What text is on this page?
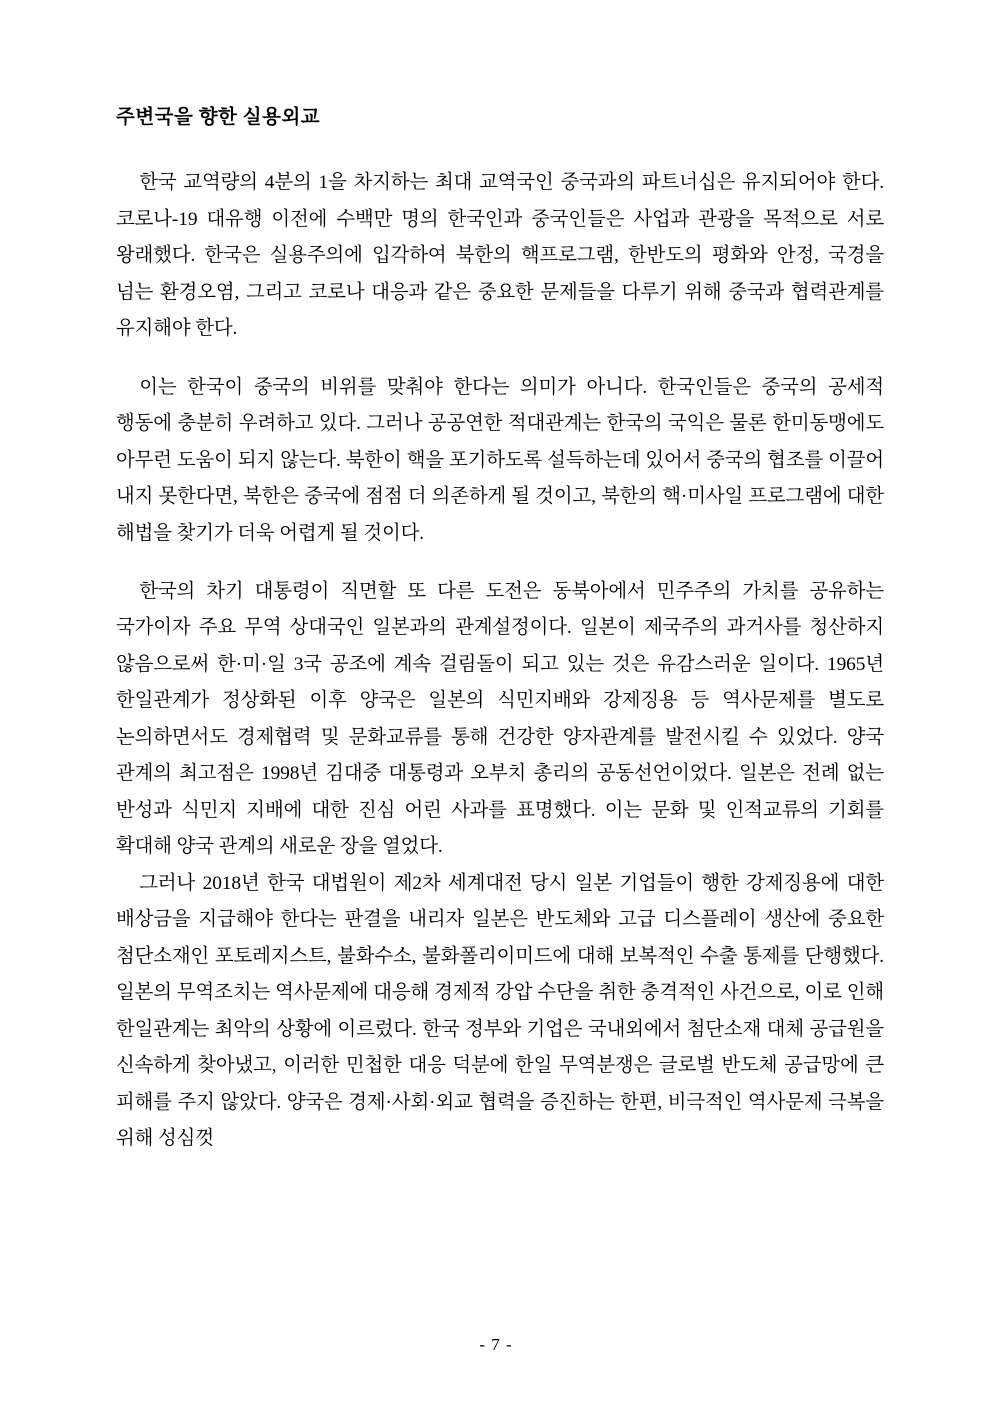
주변국을 향한 실용외교

한국 교역량의 4분의 1을 차지하는 최대 교역국인 중국과의 파트너십은 유지되어야 한다. 코로나-19 대유행 이전에 수백만 명의 한국인과 중국인들은 사업과 관광을 목적으로 서로 왕래했다. 한국은 실용주의에 입각하여 북한의 핵프로그램, 한반도의 평화와 안정, 국경을 넘는 환경오염, 그리고 코로나 대응과 같은 중요한 문제들을 다루기 위해 중국과 협력관계를 유지해야 한다.

이는 한국이 중국의 비위를 맞춰야 한다는 의미가 아니다. 한국인들은 중국의 공세적 행동에 충분히 우려하고 있다. 그러나 공공연한 적대관계는 한국의 국익은 물론 한미동맹에도 아무런 도움이 되지 않는다. 북한이 핵을 포기하도록 설득하는데 있어서 중국의 협조를 이끌어 내지 못한다면, 북한은 중국에 점점 더 의존하게 될 것이고, 북한의 핵·미사일 프로그램에 대한 해법을 찾기가 더욱 어렵게 될 것이다.

한국의 차기 대통령이 직면할 또 다른 도전은 동북아에서 민주주의 가치를 공유하는 국가이자 주요 무역 상대국인 일본과의 관계설정이다. 일본이 제국주의 과거사를 청산하지 않음으로써 한·미·일 3국 공조에 계속 걸림돌이 되고 있는 것은 유감스러운 일이다. 1965년 한일관계가 정상화된 이후 양국은 일본의 식민지배와 강제징용 등 역사문제를 별도로 논의하면서도 경제협력 및 문화교류를 통해 건강한 양자관계를 발전시킬 수 있었다. 양국 관계의 최고점은 1998년 김대중 대통령과 오부치 총리의 공동선언이었다. 일본은 전례 없는 반성과 식민지 지배에 대한 진심 어린 사과를 표명했다. 이는 문화 및 인적교류의 기회를 확대해 양국 관계의 새로운 장을 열었다.

그러나 2018년 한국 대법원이 제2차 세계대전 당시 일본 기업들이 행한 강제징용에 대한 배상금을 지급해야 한다는 판결을 내리자 일본은 반도체와 고급 디스플레이 생산에 중요한 첨단소재인 포토레지스트, 불화수소, 불화폴리이미드에 대해 보복적인 수출 통제를 단행했다. 일본의 무역조치는 역사문제에 대응해 경제적 강압 수단을 취한 충격적인 사건으로, 이로 인해 한일관계는 최악의 상황에 이르렀다. 한국 정부와 기업은 국내외에서 첨단소재 대체 공급원을 신속하게 찾아냈고, 이러한 민첩한 대응 덕분에 한일 무역분쟁은 글로벌 반도체 공급망에 큰 피해를 주지 않았다. 양국은 경제·사회·외교 협력을 증진하는 한편, 비극적인 역사문제 극복을 위해 성심껏

- 7 -
